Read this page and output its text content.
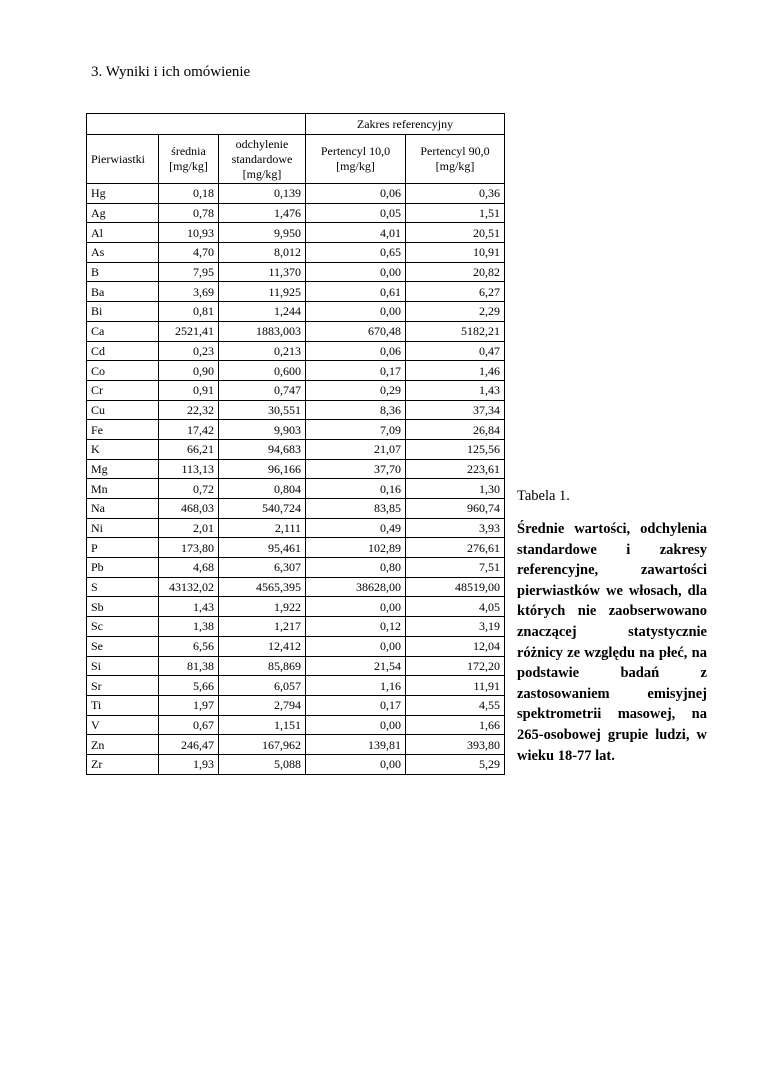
3. Wyniki i ich omówienie
			Zakres referencyjny	
Pierwiastki	średnia [mg/kg]	odchylenie standardowe [mg/kg]	Pertencyl 10,0 [mg/kg]	Pertencyl 90,0 [mg/kg]
Hg	0,18	0,139	0,06	0,36
Ag	0,78	1,476	0,05	1,51
Al	10,93	9,950	4,01	20,51
As	4,70	8,012	0,65	10,91
B	7,95	11,370	0,00	20,82
Ba	3,69	11,925	0,61	6,27
Bi	0,81	1,244	0,00	2,29
Ca	2521,41	1883,003	670,48	5182,21
Cd	0,23	0,213	0,06	0,47
Co	0,90	0,600	0,17	1,46
Cr	0,91	0,747	0,29	1,43
Cu	22,32	30,551	8,36	37,34
Fe	17,42	9,903	7,09	26,84
K	66,21	94,683	21,07	125,56
Mg	113,13	96,166	37,70	223,61
Mn	0,72	0,804	0,16	1,30
Na	468,03	540,724	83,85	960,74
Ni	2,01	2,111	0,49	3,93
P	173,80	95,461	102,89	276,61
Pb	4,68	6,307	0,80	7,51
S	43132,02	4565,395	38628,00	48519,00
Sb	1,43	1,922	0,00	4,05
Sc	1,38	1,217	0,12	3,19
Se	6,56	12,412	0,00	12,04
Si	81,38	85,869	21,54	172,20
Sr	5,66	6,057	1,16	11,91
Ti	1,97	2,794	0,17	4,55
V	0,67	1,151	0,00	1,66
Zn	246,47	167,962	139,81	393,80
Zr	1,93	5,088	0,00	5,29
Tabela 1.
Średnie wartości, odchylenia standardowe i zakresy referencyjne, zawartości pierwiastków we włosach, dla których nie zaobserwowano znaczącej statystycznie różnicy ze względu na płeć, na podstawie badań z zastosowaniem emisyjnej spektrometrii masowej, na 265-osobowej grupie ludzi, w wieku 18-77 lat.
